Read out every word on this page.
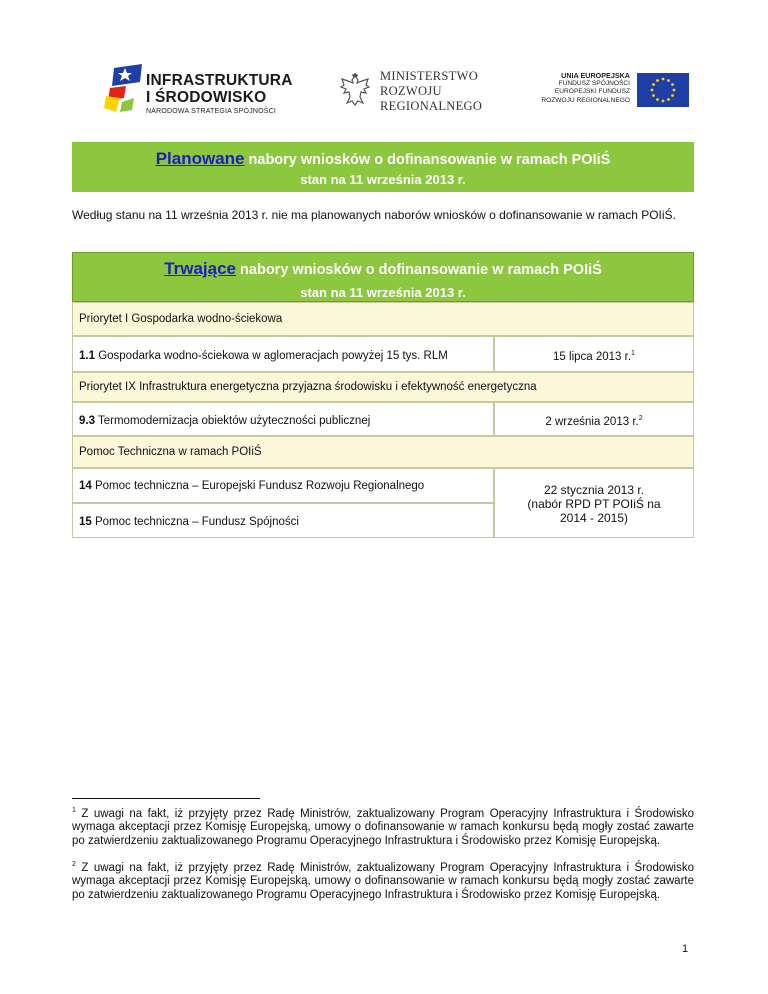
INFRASTRUKTURA
I ŚRODOWISKO
NARODOWA STRATEGIA SPÓJNOŚCI
MINISTERSTWO
ROZWOJU
REGIONALNEGO
UNIA EUROPEJSKA
FUNDUSZ SPÓJNOŚCI
EUROPEJSKI FUNDUSZ
ROZWOJU REGIONALNEGO
Planowane nabory wniosków o dofinansowanie w ramach POIiŚ
stan na 11 września 2013 r.
Według stanu na 11 września 2013 r. nie ma planowanych naborów wniosków o dofinansowanie w ramach POIiŚ.
Trwające nabory wniosków o dofinansowanie w ramach POIiŚ
stan na 11 września 2013 r.
Priorytet I Gospodarka wodno-ściekowa
1.1 Gospodarka wodno-ściekowa w aglomeracjach powyżej 15 tys. RLM	15 lipca 2013 r.$^1$
Priorytet IX Infrastruktura energetyczna przyjazna środowisku i efektywność energetyczna
9.3 Termomodernizacja obiektów użyteczności publicznej	2 września 2013 r.$^2$
Pomoc Techniczna w ramach POIiŚ
14 Pomoc techniczna – Europejski Fundusz Rozwoju Regionalnego
15 Pomoc techniczna – Fundusz Spójności
22 stycznia 2013 r.
(nabór RPD PT POIiŚ na
2014 - 2015)
$^1$ Z uwagi na fakt, iż przyjęty przez Radę Ministrów, zaktualizowany Program Operacyjny Infrastruktura i Środowisko wymaga akceptacji przez Komisję Europejską, umowy o dofinansowanie w ramach konkursu będą mogły zostać zawarte po zatwierdzeniu zaktualizowanego Programu Operacyjnego Infrastruktura i Środowisko przez Komisję Europejską.
$^2$ Z uwagi na fakt, iż przyjęty przez Radę Ministrów, zaktualizowany Program Operacyjny Infrastruktura i Środowisko wymaga akceptacji przez Komisję Europejską, umowy o dofinansowanie w ramach konkursu będą mogły zostać zawarte po zatwierdzeniu zaktualizowanego Programu Operacyjnego Infrastruktura i Środowisko przez Komisję Europejską.
1
